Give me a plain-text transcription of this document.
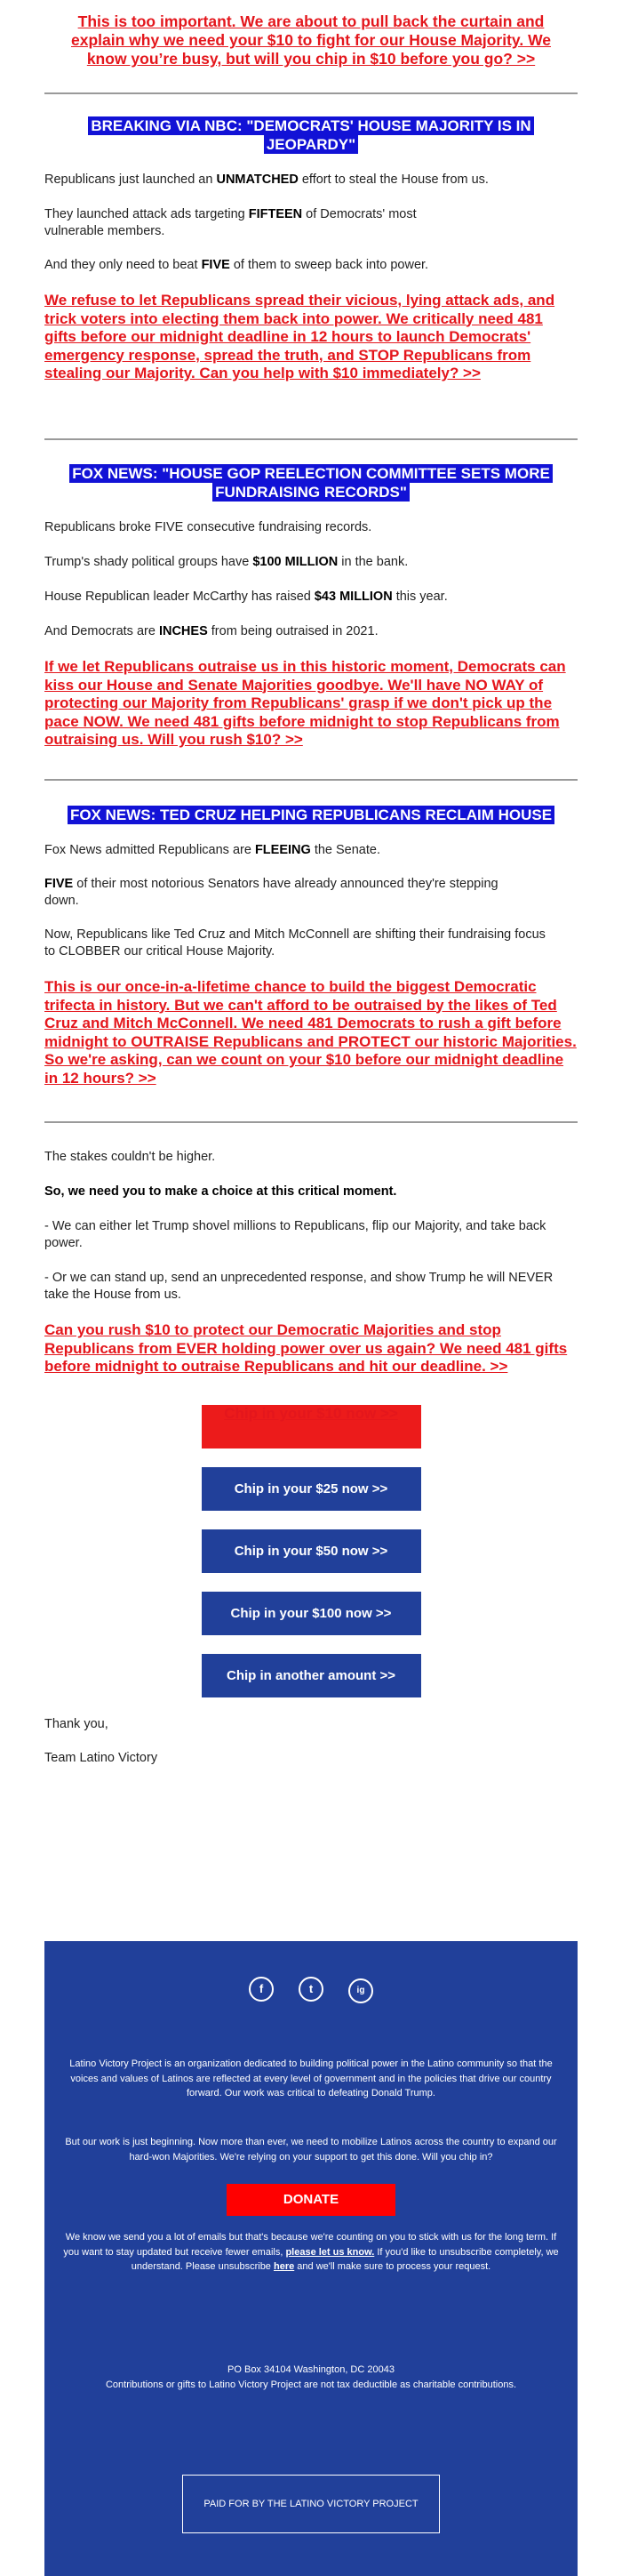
This is too important. We are about to pull back the curtain and explain why we need your $10 to fight for our House Majority. We know you’re busy, but will you chip in $10 before you go? >>
BREAKING VIA NBC: "DEMOCRATS' HOUSE MAJORITY IS IN JEOPARDY"

Republicans just launched an UNMATCHED effort to steal the House from us.

They launched attack ads targeting FIFTEEN of Democrats' most vulnerable members.

And they only need to beat FIVE of them to sweep back into power.

We refuse to let Republicans spread their vicious, lying attack ads, and trick voters into electing them back into power. We critically need 481 gifts before our midnight deadline in 12 hours to launch Democrats' emergency response, spread the truth, and STOP Republicans from stealing our Majority. Can you help with $10 immediately? >>
FOX NEWS: "HOUSE GOP REELECTION COMMITTEE SETS MORE FUNDRAISING RECORDS"

Republicans broke FIVE consecutive fundraising records.

Trump's shady political groups have $100 MILLION in the bank.

House Republican leader McCarthy has raised $43 MILLION this year.

And Democrats are INCHES from being outraised in 2021.

If we let Republicans outraise us in this historic moment, Democrats can kiss our House and Senate Majorities goodbye. We'll have NO WAY of protecting our Majority from Republicans' grasp if we don't pick up the pace NOW. We need 481 gifts before midnight to stop Republicans from outraising us. Will you rush $10? >>
FOX NEWS: TED CRUZ HELPING REPUBLICANS RECLAIM HOUSE

Fox News admitted Republicans are FLEEING the Senate.

FIVE of their most notorious Senators have already announced they're stepping down.

Now, Republicans like Ted Cruz and Mitch McConnell are shifting their fundraising focus to CLOBBER our critical House Majority.

This is our once-in-a-lifetime chance to build the biggest Democratic trifecta in history. But we can't afford to be outraised by the likes of Ted Cruz and Mitch McConnell. We need 481 Democrats to rush a gift before midnight to OUTRAISE Republicans and PROTECT our historic Majorities. So we're asking, can we count on your $10 before our midnight deadline in 12 hours? >>

The stakes couldn't be higher.

So, we need you to make a choice at this critical moment.

- We can either let Trump shovel millions to Republicans, flip our Majority, and take back power.

- Or we can stand up, send an unprecedented response, and show Trump he will NEVER take the House from us.

Can you rush $10 to protect our Democratic Majorities and stop Republicans from EVER holding power over us again? We need 481 gifts before midnight to outraise Republicans and hit our deadline. >>
Chip in your $10 now >>
Chip in your $25 now >>
Chip in your $50 now >>
Chip in your $100 now >>
Chip in another amount >>

Thank you,

Team Latino Victory

f	t	ig

Latino Victory Project is an organization dedicated to building political power in the Latino community so that the voices and values of Latinos are reflected at every level of government and in the policies that drive our country forward. Our work was critical to defeating Donald Trump.

But our work is just beginning. Now more than ever, we need to mobilize Latinos across the country to expand our hard-won Majorities. We're relying on your support to get this done. Will you chip in?

DONATE

We know we send you a lot of emails but that's because we're counting on you to stick with us for the long term. If you want to stay updated but receive fewer emails, please let us know. If you'd like to unsubscribe completely, we understand. Please unsubscribe here and we'll make sure to process your request.

PO Box 34104 Washington, DC 20043

Contributions or gifts to Latino Victory Project are not tax deductible as charitable contributions.

PAID FOR BY THE LATINO VICTORY PROJECT
